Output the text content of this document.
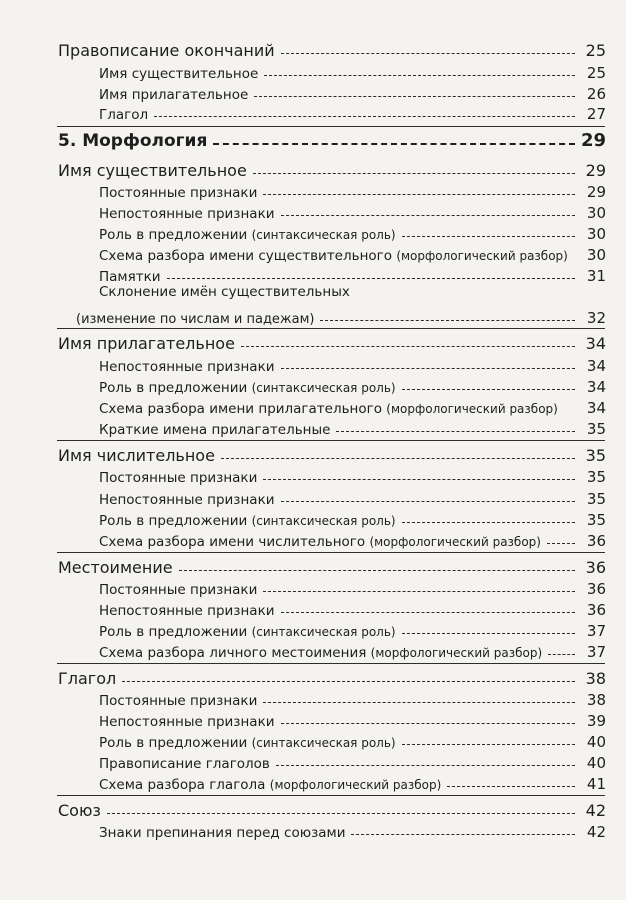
Правописание окончаний	25
Имя существительное	25
Имя прилагательное	26
Глагол	27
5. Морфология	29
Имя существительное	29
Постоянные признаки	29
Непостоянные признаки	30
Роль в предложении (синтаксическая роль)	30
Схема разбора имени существительного (морфологический разбор)	30
Памятки	31
Склонение имён существительных
(изменение по числам и падежам)	32
Имя прилагательное	34
Непостоянные признаки	34
Роль в предложении (синтаксическая роль)	34
Схема разбора имени прилагательного (морфологический разбор)	34
Краткие имена прилагательные	35
Имя числительное	35
Постоянные признаки	35
Непостоянные признаки	35
Роль в предложении (синтаксическая роль)	35
Схема разбора имени числительного (морфологический разбор)	36
Местоимение	36
Постоянные признаки	36
Непостоянные признаки	36
Роль в предложении (синтаксическая роль)	37
Схема разбора личного местоимения (морфологический разбор)	37
Глагол	38
Постоянные признаки	38
Непостоянные признаки	39
Роль в предложении (синтаксическая роль)	40
Правописание глаголов	40
Схема разбора глагола (морфологический разбор)	41
Союз	42
Знаки препинания перед союзами	42
